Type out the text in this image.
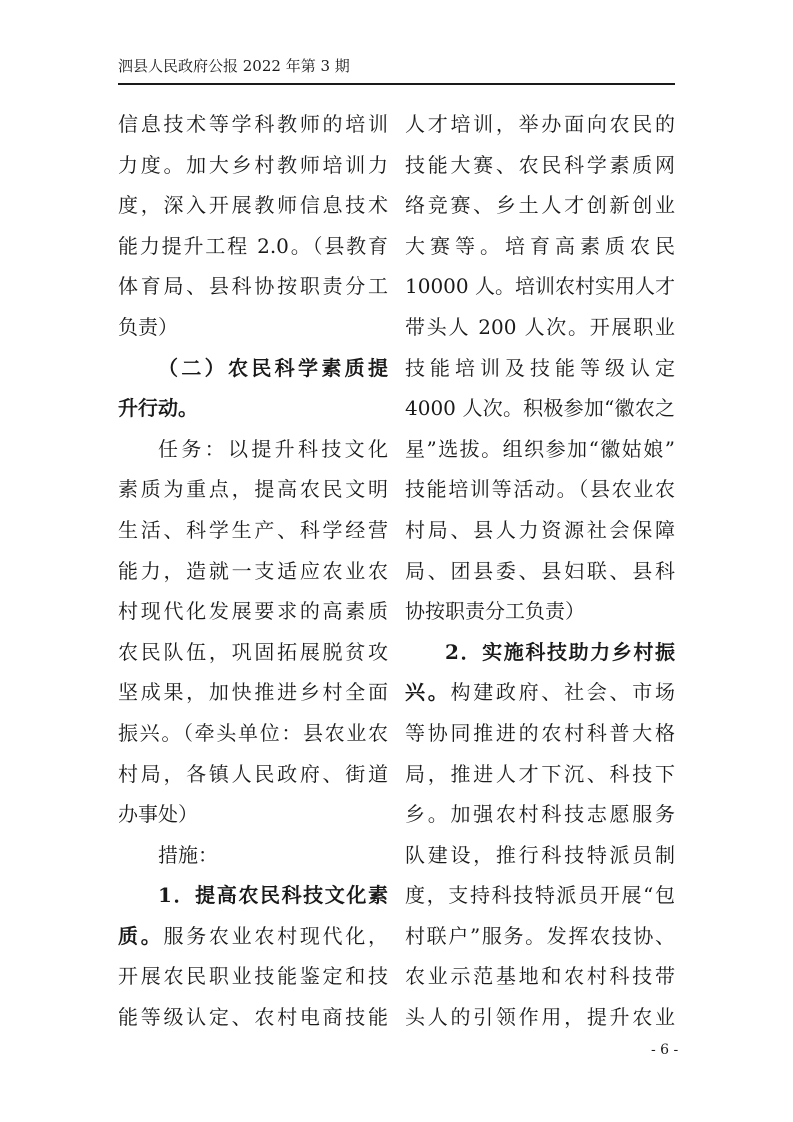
泗县人民政府公报 2022 年第 3 期
信息技术等学科教师的培训
力度。加大乡村教师培训力
度，深入开展教师信息技术
能力提升工程 2.0。（县教育
体育局、县科协按职责分工
负责）
（二）农民科学素质提
升行动。
任务：以提升科技文化
素质为重点，提高农民文明
生活、科学生产、科学经营
能力，造就一支适应农业农
村现代化发展要求的高素质
农民队伍，巩固拓展脱贫攻
坚成果，加快推进乡村全面
振兴。（牵头单位：县农业农
村局，各镇人民政府、街道
办事处）
措施：
1．提高农民科技文化素
质。服务农业农村现代化，
开展农民职业技能鉴定和技
能等级认定、农村电商技能
人才培训，举办面向农民的
技能大赛、农民科学素质网
络竞赛、乡土人才创新创业
大赛等。培育高素质农民
10000 人。培训农村实用人才
带头人 200 人次。开展职业
技能培训及技能等级认定
4000 人次。积极参加“徽农之
星”选拔。组织参加“徽姑娘”
技能培训等活动。（县农业农
村局、县人力资源社会保障
局、团县委、县妇联、县科
协按职责分工负责）
2．实施科技助力乡村振
兴。构建政府、社会、市场
等协同推进的农村科普大格
局，推进人才下沉、科技下
乡。加强农村科技志愿服务
队建设，推行科技特派员制
度，支持科技特派员开展“包
村联户”服务。发挥农技协、
农业示范基地和农村科技带
头人的引领作用，提升农业
- 6 -
